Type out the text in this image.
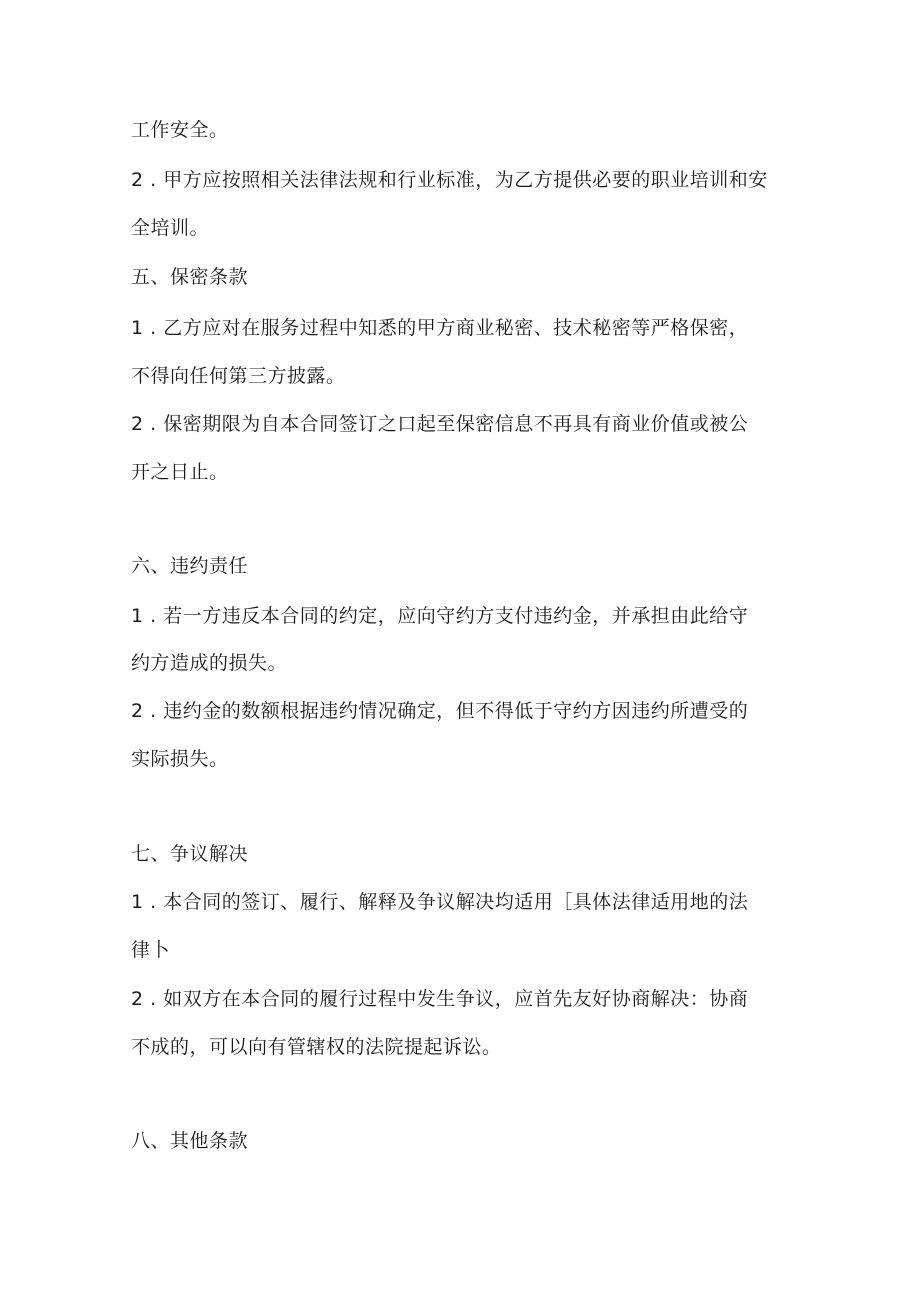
工作安全。
2 . 甲方应按照相关法律法规和行业标准，为乙方提供必要的职业培训和安
全培训。
五、保密条款
1 . 乙方应对在服务过程中知悉的甲方商业秘密、技术秘密等严格保密，
不得向任何第三方披露。
2 . 保密期限为自本合同签订之口起至保密信息不再具有商业价值或被公
开之日止。
六、违约责任
1 . 若一方违反本合同的约定，应向守约方支付违约金，并承担由此给守
约方造成的损失。
2 . 违约金的数额根据违约情况确定，但不得低于守约方因违约所遭受的
实际损失。
七、争议解决
1 . 本合同的签订、履行、解释及争议解决均适用［具体法律适用地的法
律卜
2 . 如双方在本合同的履行过程中发生争议，应首先友好协商解决：协商
不成的，可以向有管辖权的法院提起诉讼。
八、其他条款
